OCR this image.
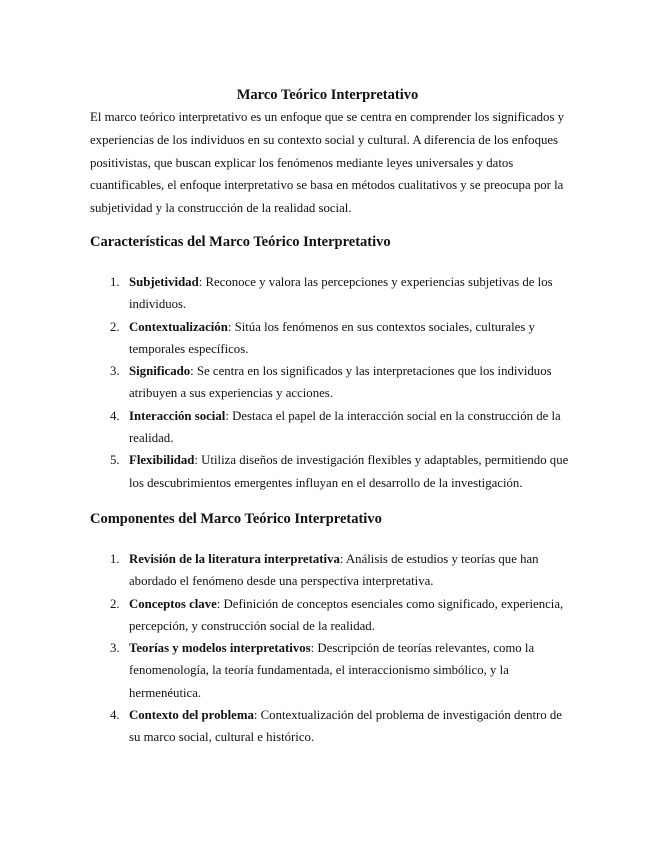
Marco Teórico Interpretativo

El marco teórico interpretativo es un enfoque que se centra en comprender los significados y experiencias de los individuos en su contexto social y cultural. A diferencia de los enfoques positivistas, que buscan explicar los fenómenos mediante leyes universales y datos cuantificables, el enfoque interpretativo se basa en métodos cualitativos y se preocupa por la subjetividad y la construcción de la realidad social.

Características del Marco Teórico Interpretativo
1. Subjetividad: Reconoce y valora las percepciones y experiencias subjetivas de los individuos.
2. Contextualización: Sitúa los fenómenos en sus contextos sociales, culturales y temporales específicos.
3. Significado: Se centra en los significados y las interpretaciones que los individuos atribuyen a sus experiencias y acciones.
4. Interacción social: Destaca el papel de la interacción social en la construcción de la realidad.
5. Flexibilidad: Utiliza diseños de investigación flexibles y adaptables, permitiendo que los descubrimientos emergentes influyan en el desarrollo de la investigación.
Componentes del Marco Teórico Interpretativo
1. Revisión de la literatura interpretativa: Análisis de estudios y teorías que han abordado el fenómeno desde una perspectiva interpretativa.
2. Conceptos clave: Definición de conceptos esenciales como significado, experiencia, percepción, y construcción social de la realidad.
3. Teorías y modelos interpretativos: Descripción de teorías relevantes, como la fenomenología, la teoría fundamentada, el interaccionismo simbólico, y la hermenéutica.
4. Contexto del problema: Contextualización del problema de investigación dentro de su marco social, cultural e histórico.
